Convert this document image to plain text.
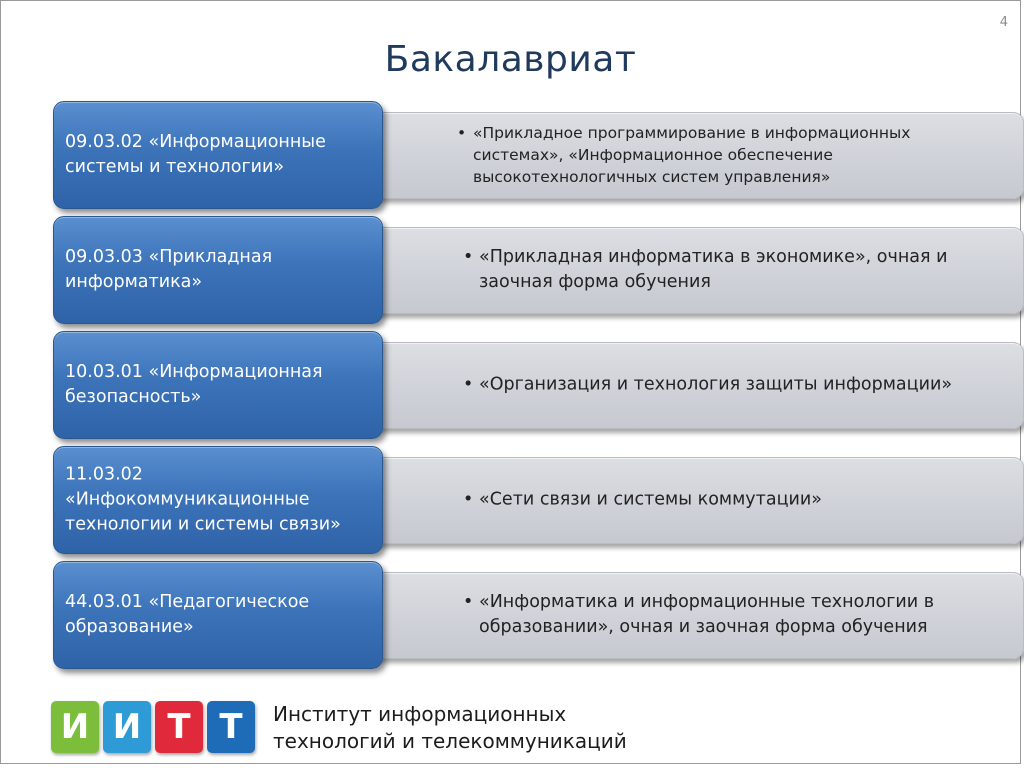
4
Бакалавриат
09.03.02 «Информационные
системы и технологии»
• «Прикладное программирование в информационных системах», «Информационное обеспечение высокотехнологичных систем управления»
09.03.03 «Прикладная
информатика»
• «Прикладная информатика в экономике», очная и заочная форма обучения
10.03.01 «Информационная
безопасность»
• «Организация и технология защиты информации»
11.03.02
«Инфокоммуникационные
технологии и системы связи»
• «Сети связи и системы коммутации»
44.03.01 «Педагогическое
образование»
• «Информатика и информационные технологии в образовании», очная и заочная форма обучения
И И Т Т	Институт информационных
технологий и телекоммуникаций
